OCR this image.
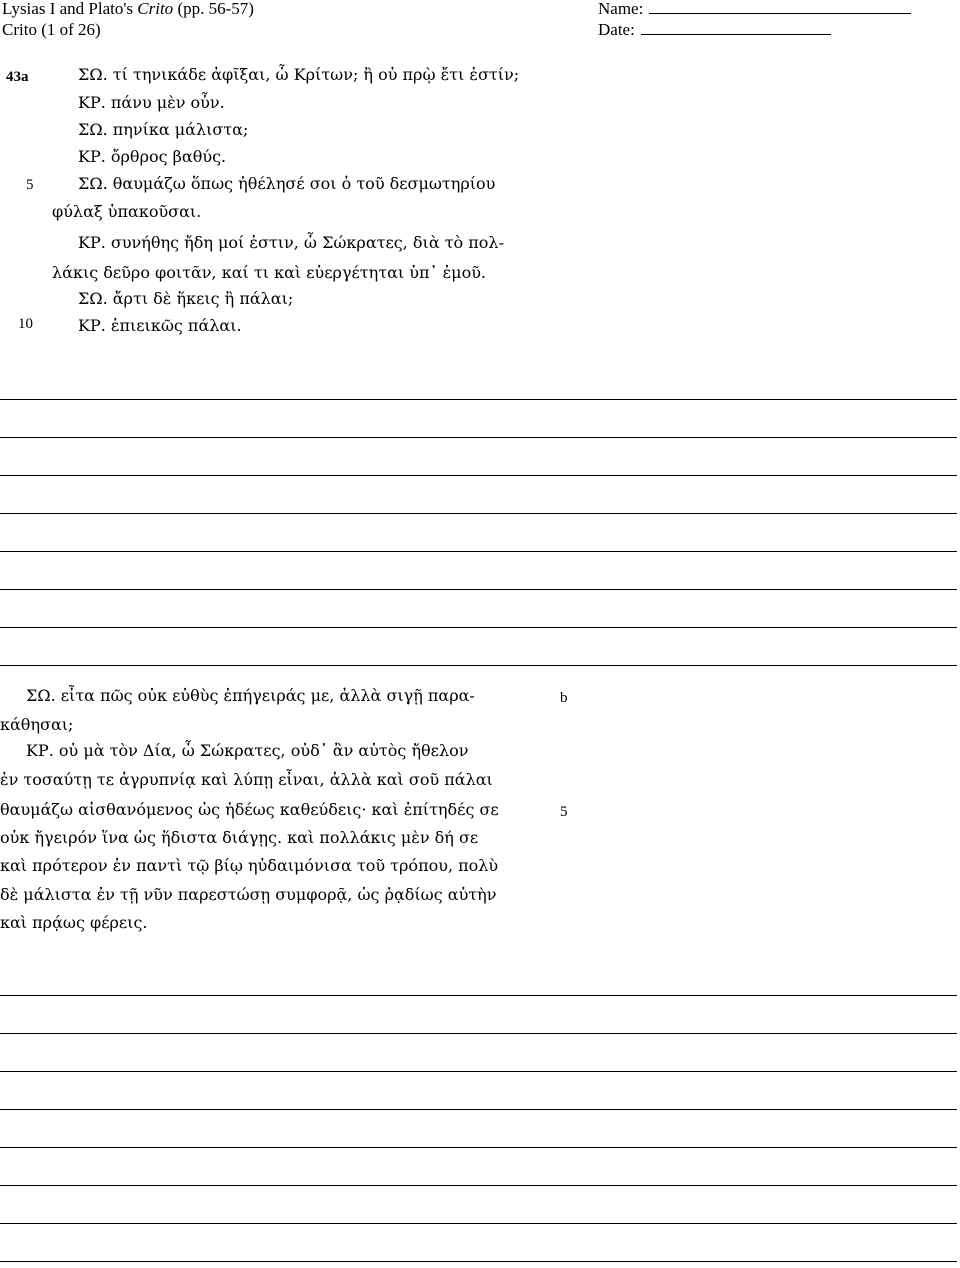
Lysias I and Plato's Crito (pp. 56-57)
Crito (1 of 26)
Name:
Date:
43a
5
10
ΣΩ. τί τηνικάδε ἀφῖξαι, ὦ Κρίτων; ἢ οὐ πρῲ ἔτι ἐστίν;
ΚΡ. πάνυ μὲν οὖν.
ΣΩ. πηνίκα μάλιστα;
ΚΡ. ὄρθρος βαθύς.
ΣΩ. θαυμάζω ὅπως ἠθέλησέ σοι ὁ τοῦ δεσμωτηρίου
φύλαξ ὑπακοῦσαι.
ΚΡ. συνήθης ἤδη μοί ἐστιν, ὦ Σώκρατες, διὰ τὸ πολ-
λάκις δεῦρο φοιτᾶν, καί τι καὶ εὐεργέτηται ὑπ᾽ ἐμοῦ.
ΣΩ. ἄρτι δὲ ἥκεις ἢ πάλαι;
ΚΡ. ἐπιεικῶς πάλαι.
b
5
ΣΩ. εἶτα πῶς οὐκ εὐθὺς ἐπήγειράς με, ἀλλὰ σιγῇ παρα-
κάθησαι;
ΚΡ. οὐ μὰ τὸν Δία, ὦ Σώκρατες, οὐδ᾽ ἂν αὐτὸς ἤθελον
ἐν τοσαύτῃ τε ἀγρυπνίᾳ καὶ λύπῃ εἶναι, ἀλλὰ καὶ σοῦ πάλαι
θαυμάζω αἰσθανόμενος ὡς ἡδέως καθεύδεις· καὶ ἐπίτηδές σε
οὐκ ἤγειρόν ἵνα ὡς ἥδιστα διάγῃς. καὶ πολλάκις μὲν δή σε
καὶ πρότερον ἐν παντὶ τῷ βίῳ ηὐδαιμόνισα τοῦ τρόπου, πολὺ
δὲ μάλιστα ἐν τῇ νῦν παρεστώσῃ συμφορᾷ, ὡς ῥᾳδίως αὐτὴν
καὶ πρᾴως φέρεις.
